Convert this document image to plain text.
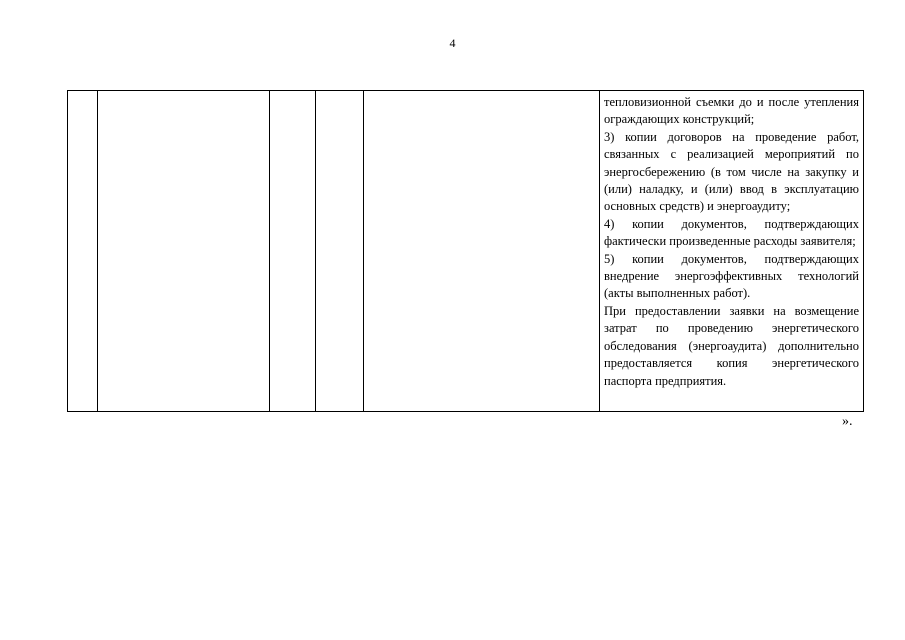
4

тепловизионной съемки до и после утепления ограждающих конструкций;

3) копии договоров на проведение работ, связанных с реализацией мероприятий по энергосбережению (в том числе на закупку и (или) наладку, и (или) ввод в эксплуатацию основных средств) и энергоаудиту;

4) копии документов, подтверждающих фактически произведенные расходы заявителя;

5) копии документов, подтверждающих внедрение энергоэффективных технологий (акты выполненных работ).

При предоставлении заявки на возмещение затрат по проведению энергетического обследования (энергоаудита) дополнительно предоставляется копия энергетического паспорта предприятия.

».
